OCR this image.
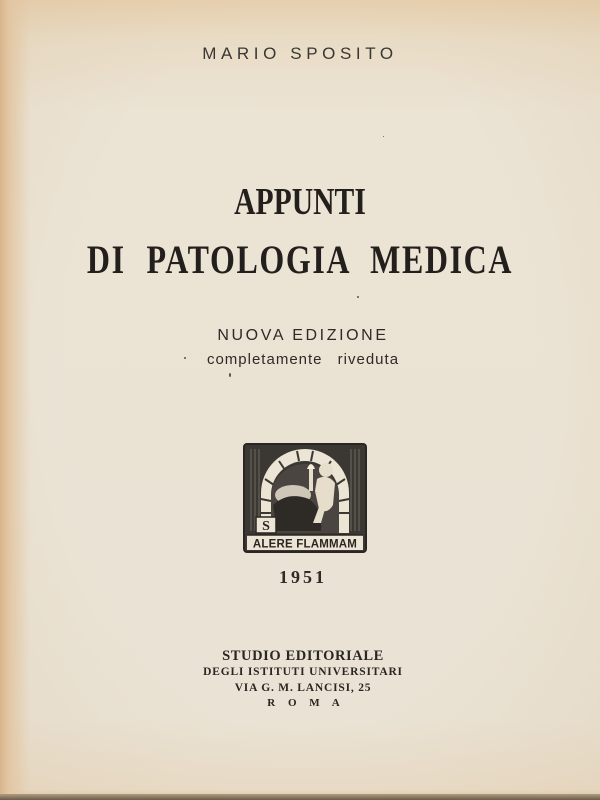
MARIO SPOSITO
APPUNTI
DI PATOLOGIA MEDICA
NUOVA EDIZIONE
completamente riveduta
S
ALERE FLAMMAM
1951
STUDIO EDITORIALE
DEGLI ISTITUTI UNIVERSITARI
VIA G. M. LANCISI, 25
R O M A
